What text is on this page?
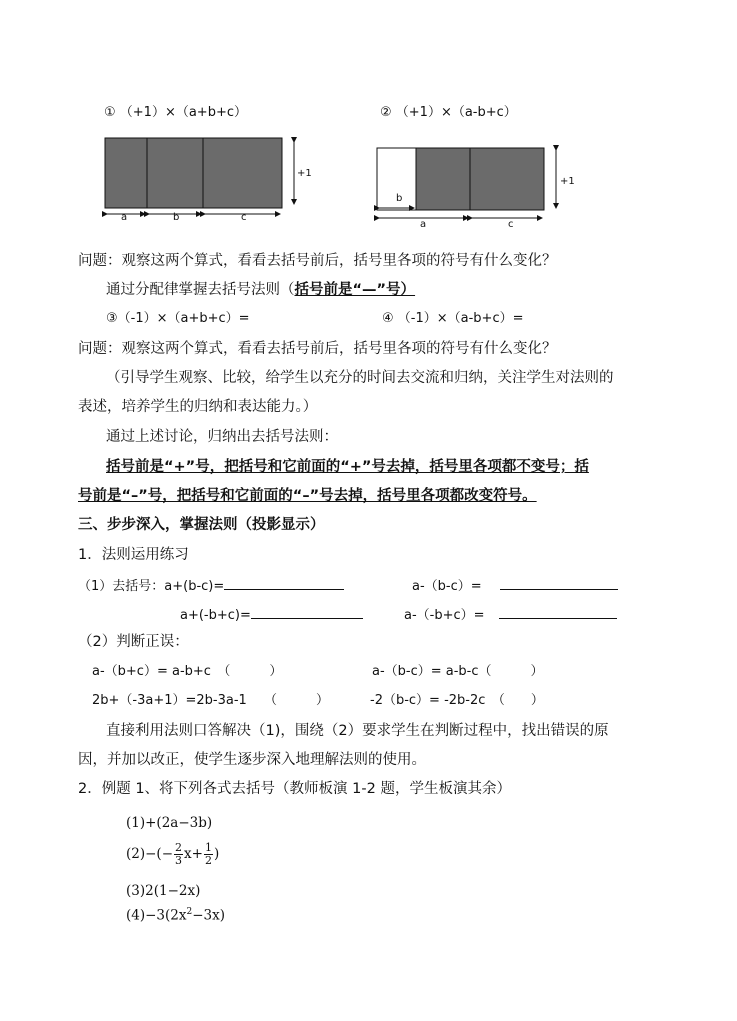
① （+1）×（a+b+c）
+1
a	b	c
② （+1）×（a-b+c）
+1
b
a	c
问题：观察这两个算式，看看去括号前后，括号里各项的符号有什么变化？
通过分配律掌握去括号法则（括号前是“—”号）
③（-1）×（a+b+c）=	④ （-1）×（a-b+c）=
问题：观察这两个算式，看看去括号前后，括号里各项的符号有什么变化？
（引导学生观察、比较，给学生以充分的时间去交流和归纳，关注学生对法则的
表述，培养学生的归纳和表达能力。）
通过上述讨论，归纳出去括号法则：
括号前是“+”号，把括号和它前面的“+”号去掉，括号里各项都不变号；括
号前是“–”号，把括号和它前面的“–”号去掉，括号里各项都改变符号。
三、步步深入，掌握法则（投影显示）
1．法则运用练习
（1）去括号：a+(b-c)=	a-（b-c）=
a+(-b+c)=	a-（-b+c）=
（2）判断正误：
a-（b+c）= a-b+c　（　　　）	a-（b-c）= a-b-c（　　　）
2b+（-3a+1）=2b-3a-1　 （　　　）	-2（b-c）= -2b-2c　（　　）
直接利用法则口答解决（1)，围绕（2）要求学生在判断过程中，找出错误的原
因，并加以改正，使学生逐步深入地理解法则的使用。
2．例题 1、将下列各式去括号（教师板演 1-2 题，学生板演其余）
(1)+(2a−3b)
$(2)-(- \frac{2}{3} x+ \frac{1}{2}$ )
(3)2(1−2x)
$(4)-3(2x^2-3x)$
